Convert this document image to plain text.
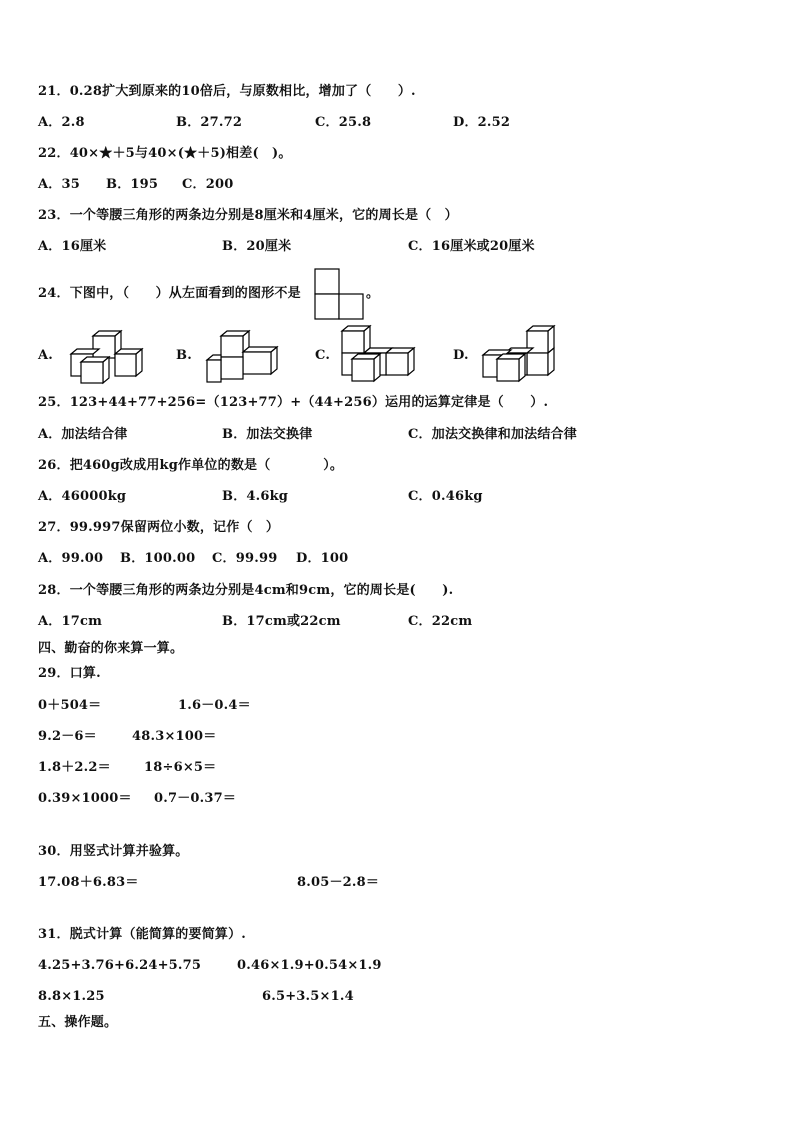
21．0.28扩大到原来的10倍后，与原数相比，增加了（　　）.
A．2.8	B．27.72	C．25.8	D．2.52
22．40×★＋5与40×(★＋5)相差(　)。
A．35 B．195 C．200
23．一个等腰三角形的两条边分别是8厘米和4厘米，它的周长是（　）
A．16厘米	B．20厘米	C．16厘米或20厘米
24．下图中，（　　）从左面看到的图形不是	。
A.	B.	C.	D.
25．123+44+77+256=（123+77）+（44+256）运用的运算定律是（　　）.
A．加法结合律	B．加法交换律	C．加法交换律和加法结合律
26．把460g改成用kg作单位的数是（　　　　）。
A．46000kg	B．4.6kg	C．0.46kg
27．99.997保留两位小数，记作（　）
A．99.00 B．100.00 C．99.99 D．100
28．一个等腰三角形的两条边分别是4cm和9cm，它的周长是(　　).
A．17cm	B．17cm或22cm	C．22cm
四、勤奋的你来算一算。
29．口算.
0＋504＝	1.6－0.4＝
9.2－6＝	48.3×100＝
1.8＋2.2＝	18÷6×5＝
0.39×1000＝ 0.7－0.37＝
30．用竖式计算并验算。
17.08＋6.83＝	8.05－2.8＝
31．脱式计算（能简算的要简算）.
4.25+3.76+6.24+5.75	0.46×1.9+0.54×1.9
8.8×1.25	6.5+3.5×1.4
五、操作题。
